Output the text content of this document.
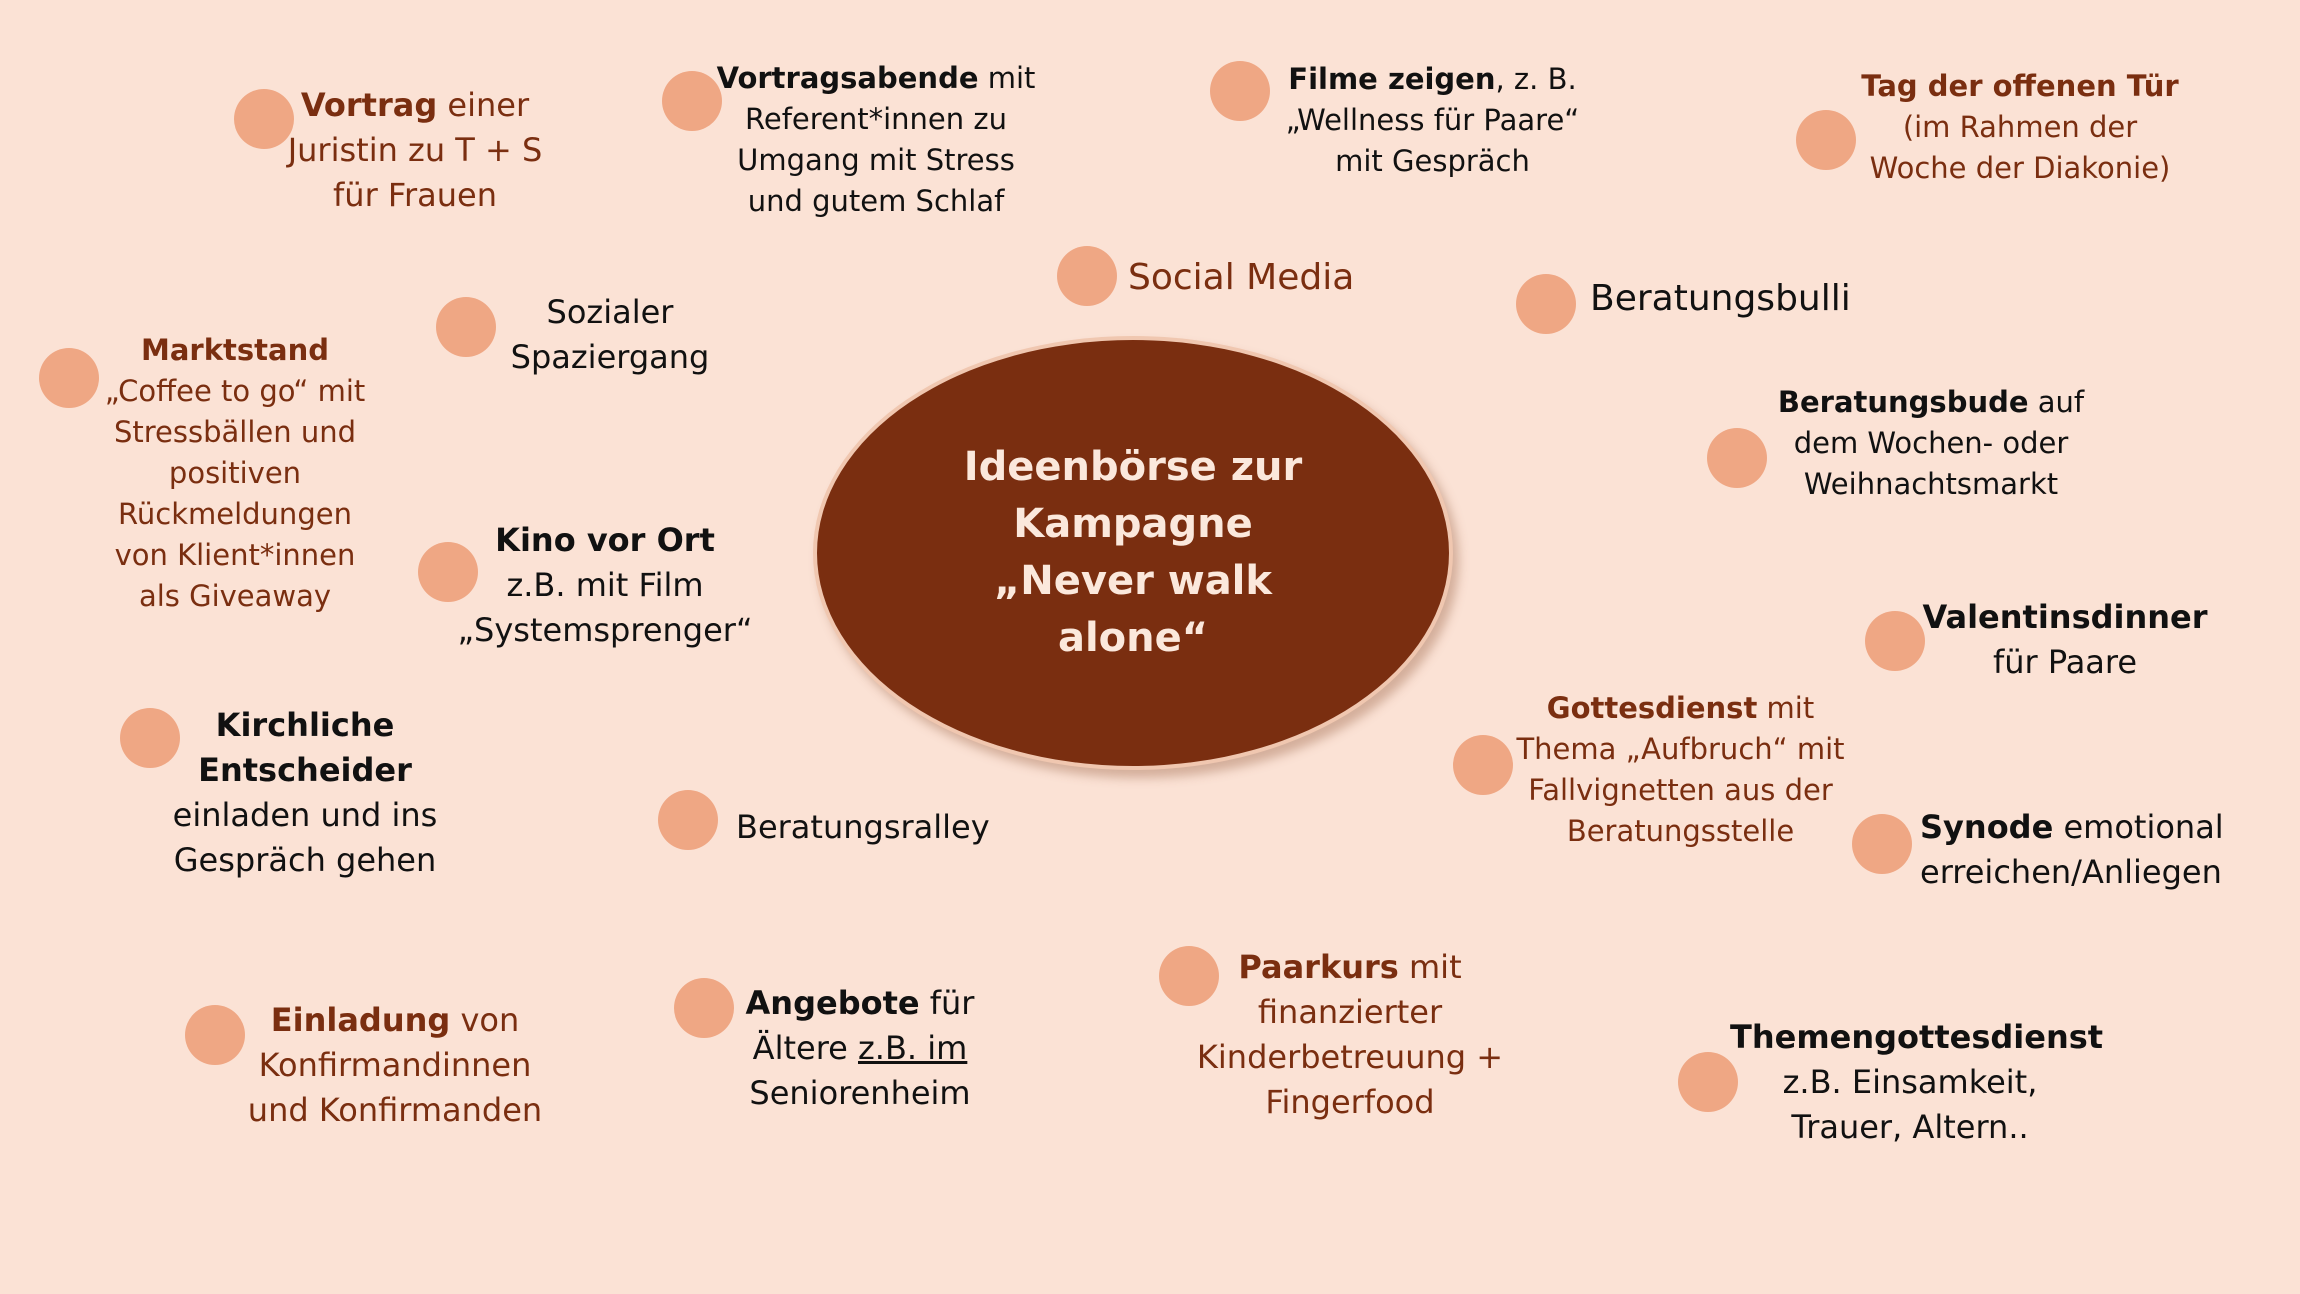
Ideenbörse zur
Kampagne
„Never walk
alone“
Vortrag einer
Juristin zu T + S
für Frauen
Vortragsabende mit
Referent*innen zu
Umgang mit Stress
und gutem Schlaf
Filme zeigen, z. B.
„Wellness für Paare“
mit Gespräch
Tag der offenen Tür
(im Rahmen der
Woche der Diakonie)
Social Media
Beratungsbulli
Sozialer
Spaziergang
Marktstand
„Coffee to go“ mit
Stressbällen und
positiven
Rückmeldungen
von Klient*innen
als Giveaway
Beratungsbude auf
dem Wochen- oder
Weihnachtsmarkt
Kino vor Ort
z.B. mit Film
„Systemsprenger“	Valentinsdinner
für Paare
Gottesdienst mit
Thema „Aufbruch“ mit
Fallvignetten aus der
Beratungsstelle
Kirchliche
Entscheider
einladen und ins
Gespräch gehen
Beratungsralley	Synode emotional
erreichen/Anliegen
Paarkurs mit
finanzierter
Kinderbetreuung +
Fingerfood
Einladung von
Konfirmandinnen
und Konfirmanden
Angebote für
Ältere z.B. im
Seniorenheim
Themengottesdienst
z.B. Einsamkeit,
Trauer, Altern..
